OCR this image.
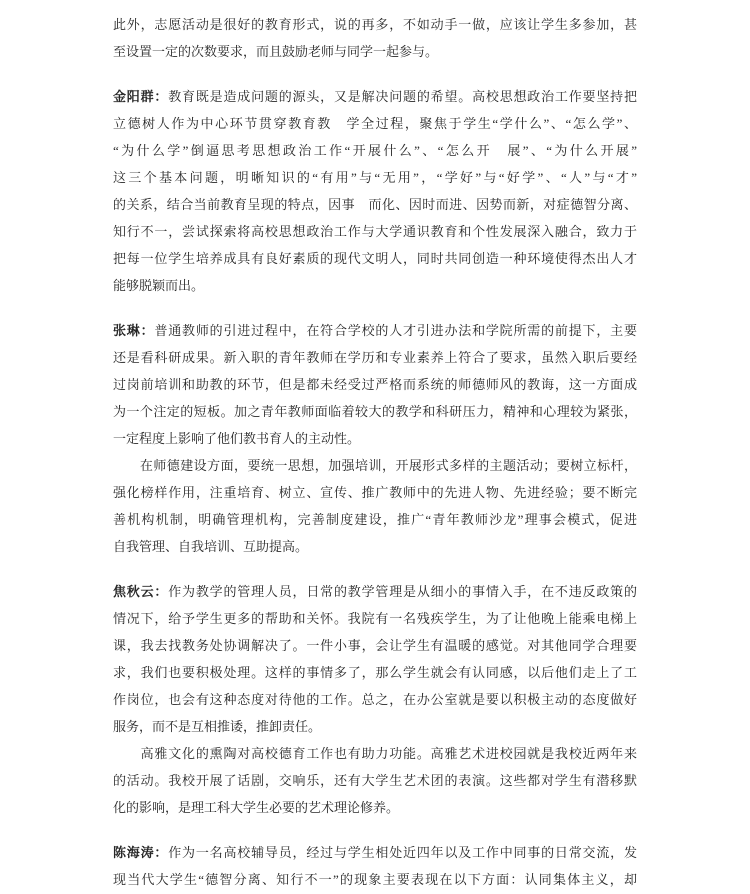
此外，志愿活动是很好的教育形式，说的再多，不如动手一做，应该让学生多参加，甚
至设置一定的次数要求，而且鼓励老师与同学一起参与。
金阳群：教育既是造成问题的源头，又是解决问题的希望。高校思想政治工作要坚持把
立德树人作为中心环节贯穿教育教　学全过程，聚焦于学生“学什么”、“怎么学”、
“为什么学”倒逼思考思想政治工作“开展什么”、“怎么开　展”、“为什么开展”
这三个基本问题，明晰知识的“有用”与“无用”，“学好”与“好学”、“人”与“才”
的关系，结合当前教育呈现的特点，因事　而化、因时而进、因势而新，对症德智分离、
知行不一，尝试探索将高校思想政治工作与大学通识教育和个性发展深入融合，致力于
把每一位学生培养成具有良好素质的现代文明人，同时共同创造一种环境使得杰出人才
能够脱颖而出。
张琳：普通教师的引进过程中，在符合学校的人才引进办法和学院所需的前提下，主要
还是看科研成果。新入职的青年教师在学历和专业素养上符合了要求，虽然入职后要经
过岗前培训和助教的环节，但是都未经受过严格而系统的师德师风的教诲，这一方面成
为一个注定的短板。加之青年教师面临着较大的教学和科研压力，精神和心理较为紧张，
一定程度上影响了他们教书育人的主动性。
　　在师德建设方面，要统一思想，加强培训，开展形式多样的主题活动；要树立标杆，
强化榜样作用，注重培育、树立、宣传、推广教师中的先进人物、先进经验；要不断完
善机构机制，明确管理机构，完善制度建设，推广“青年教师沙龙”理事会模式，促进
自我管理、自我培训、互助提高。
焦秋云：作为教学的管理人员，日常的教学管理是从细小的事情入手，在不违反政策的
情况下，给予学生更多的帮助和关怀。我院有一名残疾学生，为了让他晚上能乘电梯上
课，我去找教务处协调解决了。一件小事，会让学生有温暖的感觉。对其他同学合理要
求，我们也要积极处理。这样的事情多了，那么学生就会有认同感，以后他们走上了工
作岗位，也会有这种态度对待他的工作。总之，在办公室就是要以积极主动的态度做好
服务，而不是互相推诿，推卸责任。
　　高雅文化的熏陶对高校德育工作也有助力功能。高雅艺术进校园就是我校近两年来
的活动。我校开展了话剧，交响乐，还有大学生艺术团的表演。这些都对学生有潜移默
化的影响，是理工科大学生必要的艺术理论修养。
陈海涛：作为一名高校辅导员，经过与学生相处近四年以及工作中同事的日常交流，发
现当代大学生“德智分离、知行不一”的现象主要表现在以下方面：认同集体主义，却
